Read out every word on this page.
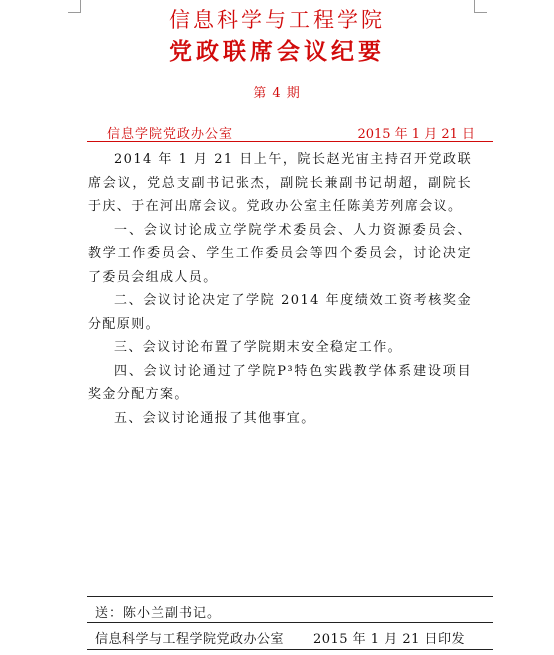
信息科学与工程学院
党政联席会议纪要
第 4 期
信息学院党政办公室	2015 年 1 月 21 日

2014 年 1 月 21 日上午，院长赵光宙主持召开党政联席会议，党总支副书记张杰，副院长兼副书记胡超，副院长于庆、于在河出席会议。党政办公室主任陈美芳列席会议。

一、会议讨论成立学院学术委员会、人力资源委员会、教学工作委员会、学生工作委员会等四个委员会，讨论决定了委员会组成人员。

二、会议讨论决定了学院 2014 年度绩效工资考核奖金分配原则。

三、会议讨论布置了学院期末安全稳定工作。

四、会议讨论通过了学院P³特色实践教学体系建设项目奖金分配方案。

五、会议讨论通报了其他事宜。

送：陈小兰副书记。
信息科学与工程学院党政办公室 2015 年 1 月 21 日印发
